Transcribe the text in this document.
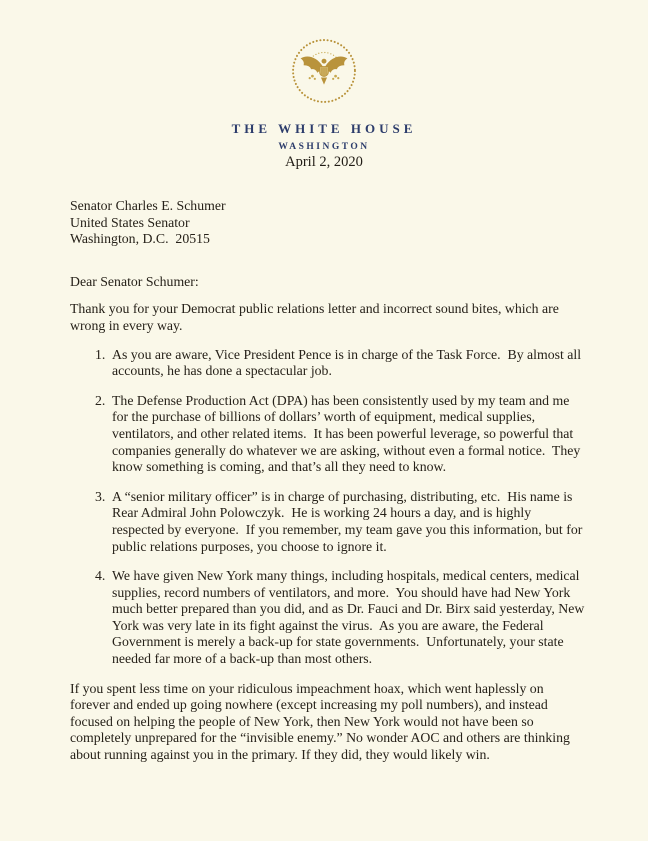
THE WHITE HOUSE
WASHINGTON
April 2, 2020
Senator Charles E. Schumer
United States Senator
Washington, D.C.  20515
Dear Senator Schumer:
Thank you for your Democrat public relations letter and incorrect sound bites, which are wrong in every way.
1. As you are aware, Vice President Pence is in charge of the Task Force.  By almost all accounts, he has done a spectacular job.
2. The Defense Production Act (DPA) has been consistently used by my team and me for the purchase of billions of dollars’ worth of equipment, medical supplies, ventilators, and other related items.  It has been powerful leverage, so powerful that companies generally do whatever we are asking, without even a formal notice.  They know something is coming, and that’s all they need to know.
3. A “senior military officer” is in charge of purchasing, distributing, etc.  His name is Rear Admiral John Polowczyk.  He is working 24 hours a day, and is highly respected by everyone.  If you remember, my team gave you this information, but for public relations purposes, you choose to ignore it.
4. We have given New York many things, including hospitals, medical centers, medical supplies, record numbers of ventilators, and more.  You should have had New York much better prepared than you did, and as Dr. Fauci and Dr. Birx said yesterday, New York was very late in its fight against the virus.  As you are aware, the Federal Government is merely a back-up for state governments.  Unfortunately, your state needed far more of a back-up than most others.
If you spent less time on your ridiculous impeachment hoax, which went haplessly on forever and ended up going nowhere (except increasing my poll numbers), and instead focused on helping the people of New York, then New York would not have been so completely unprepared for the “invisible enemy.” No wonder AOC and others are thinking about running against you in the primary. If they did, they would likely win.
